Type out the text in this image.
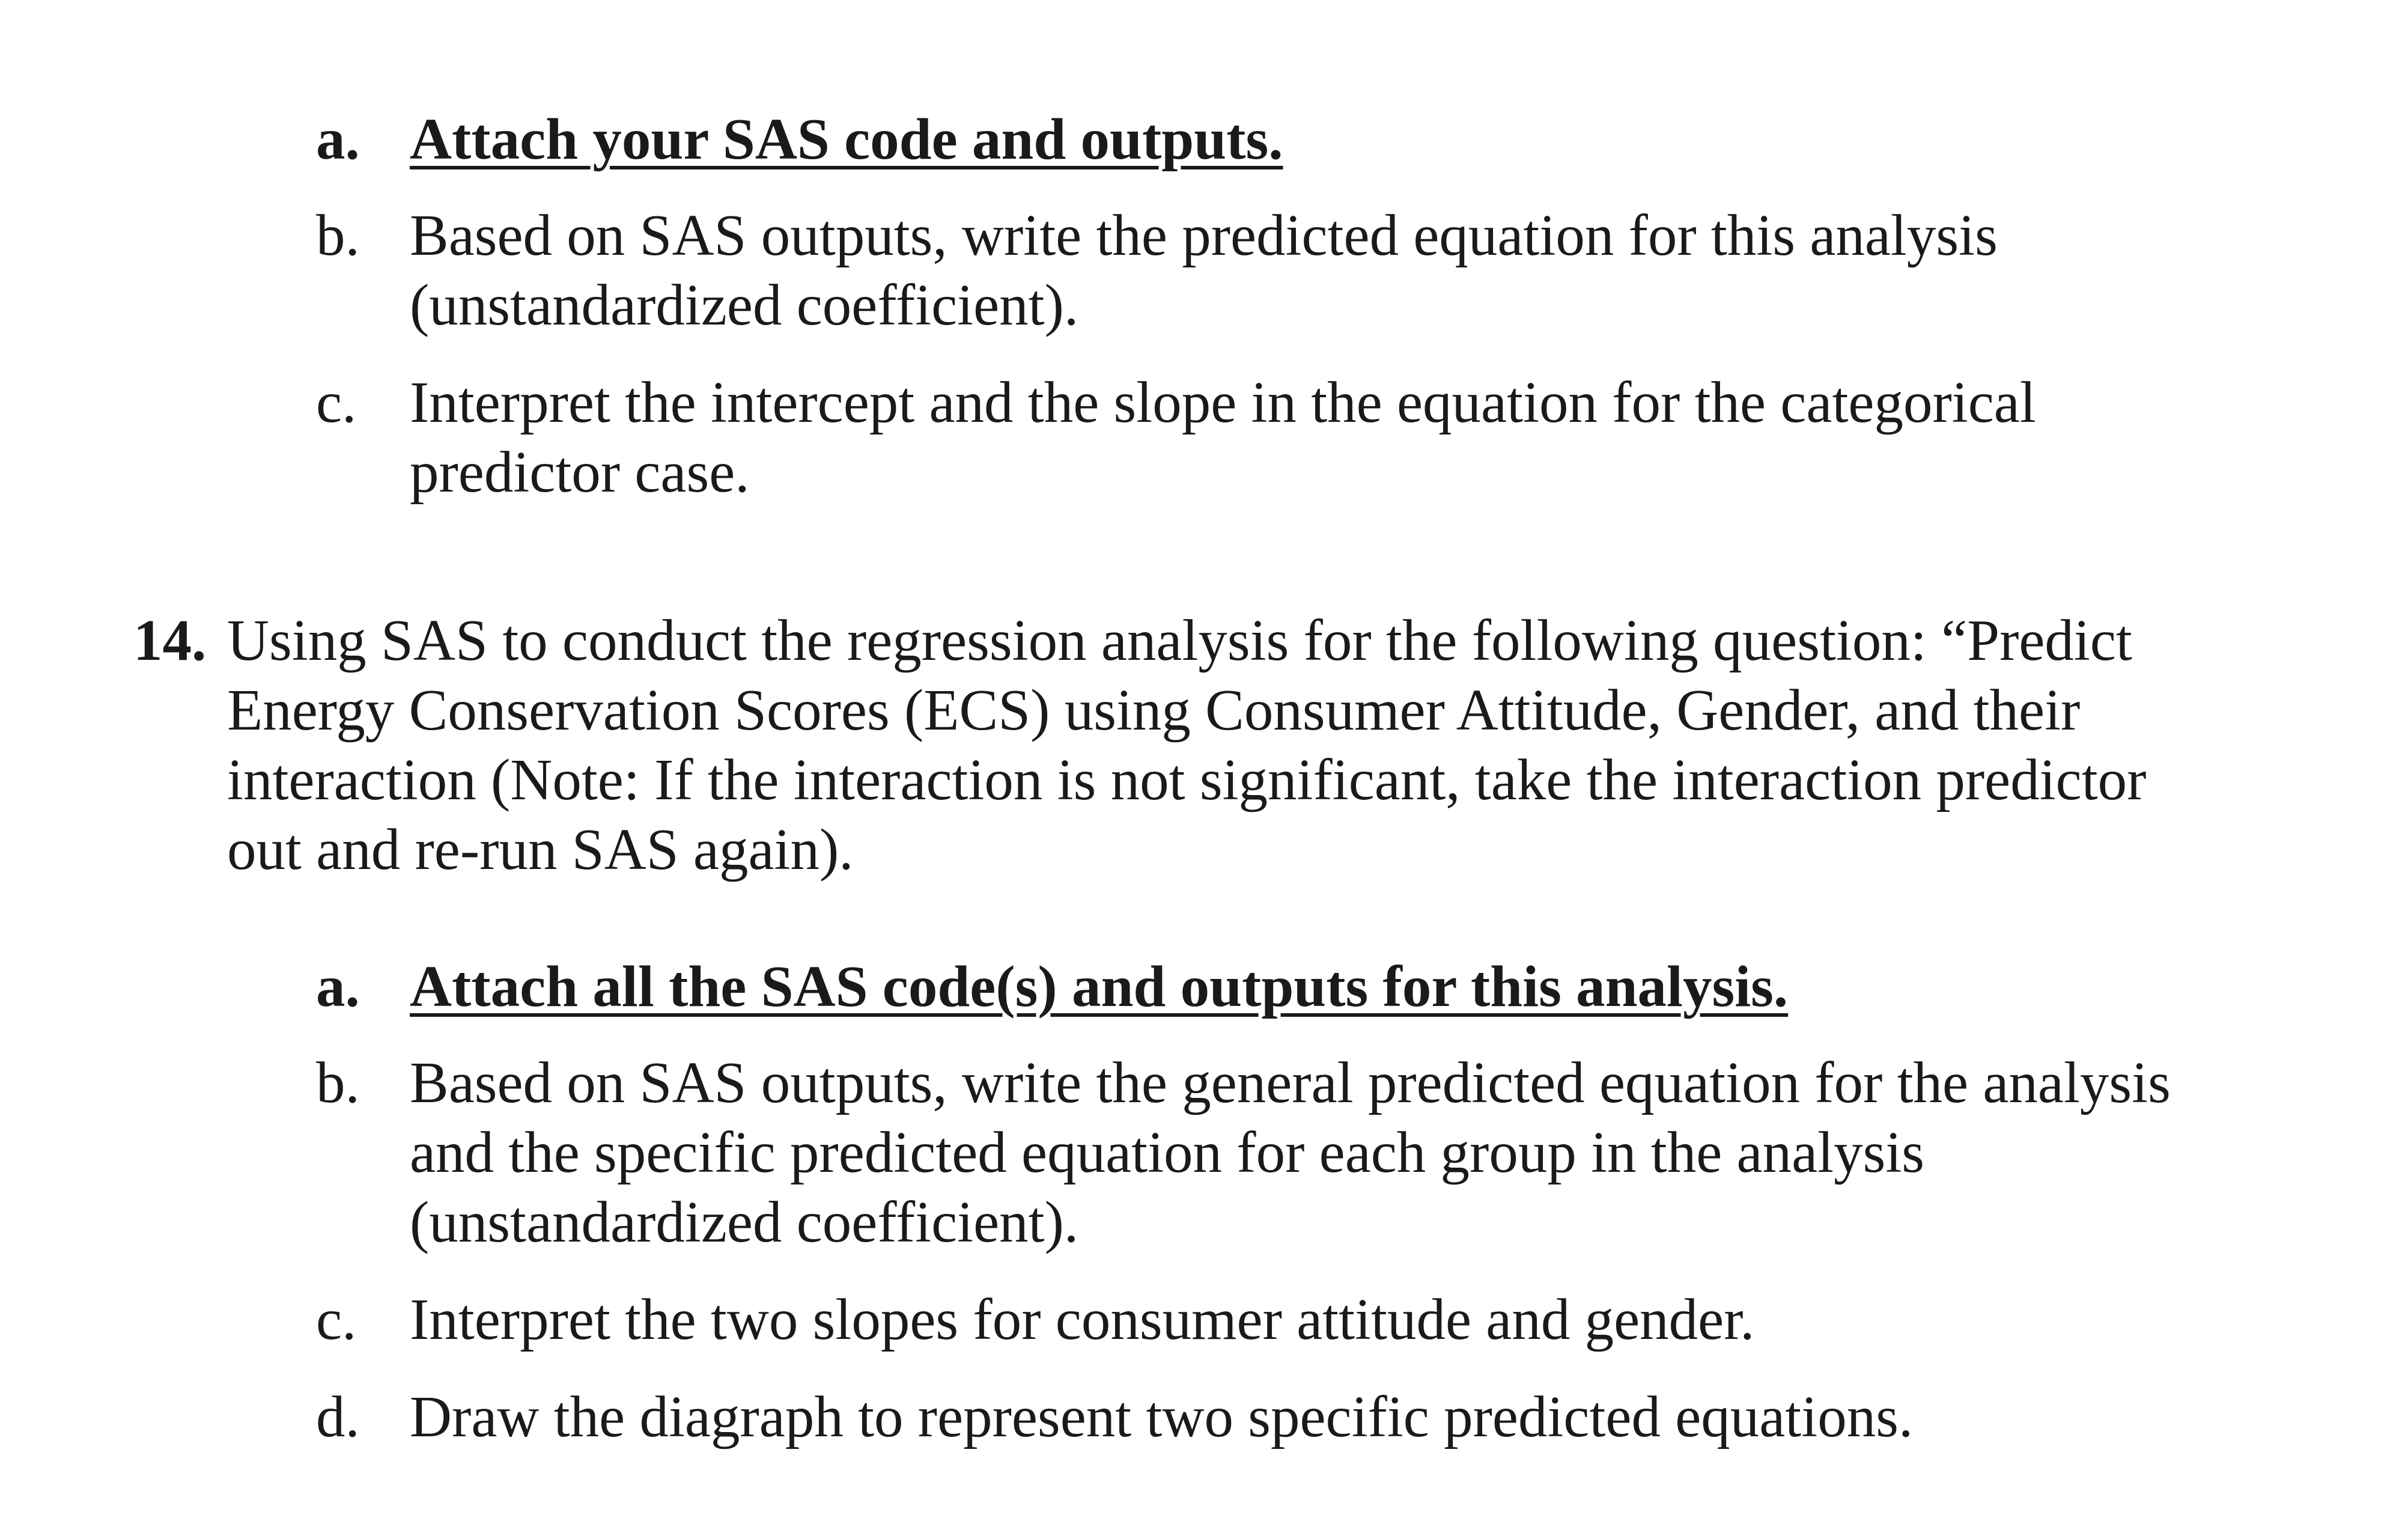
a. Attach your SAS code and outputs.
b. Based on SAS outputs, write the predicted equation for this analysis
(unstandardized coefficient).
c. Interpret the intercept and the slope in the equation for the categorical
predictor case.
14. Using SAS to conduct the regression analysis for the following question: “Predict
Energy Conservation Scores (ECS) using Consumer Attitude, Gender, and their
interaction (Note: If the interaction is not significant, take the interaction predictor
out and re-run SAS again).
a. Attach all the SAS code(s) and outputs for this analysis.
b. Based on SAS outputs, write the general predicted equation for the analysis
and the specific predicted equation for each group in the analysis
(unstandardized coefficient).
c. Interpret the two slopes for consumer attitude and gender.
d. Draw the diagraph to represent two specific predicted equations.
